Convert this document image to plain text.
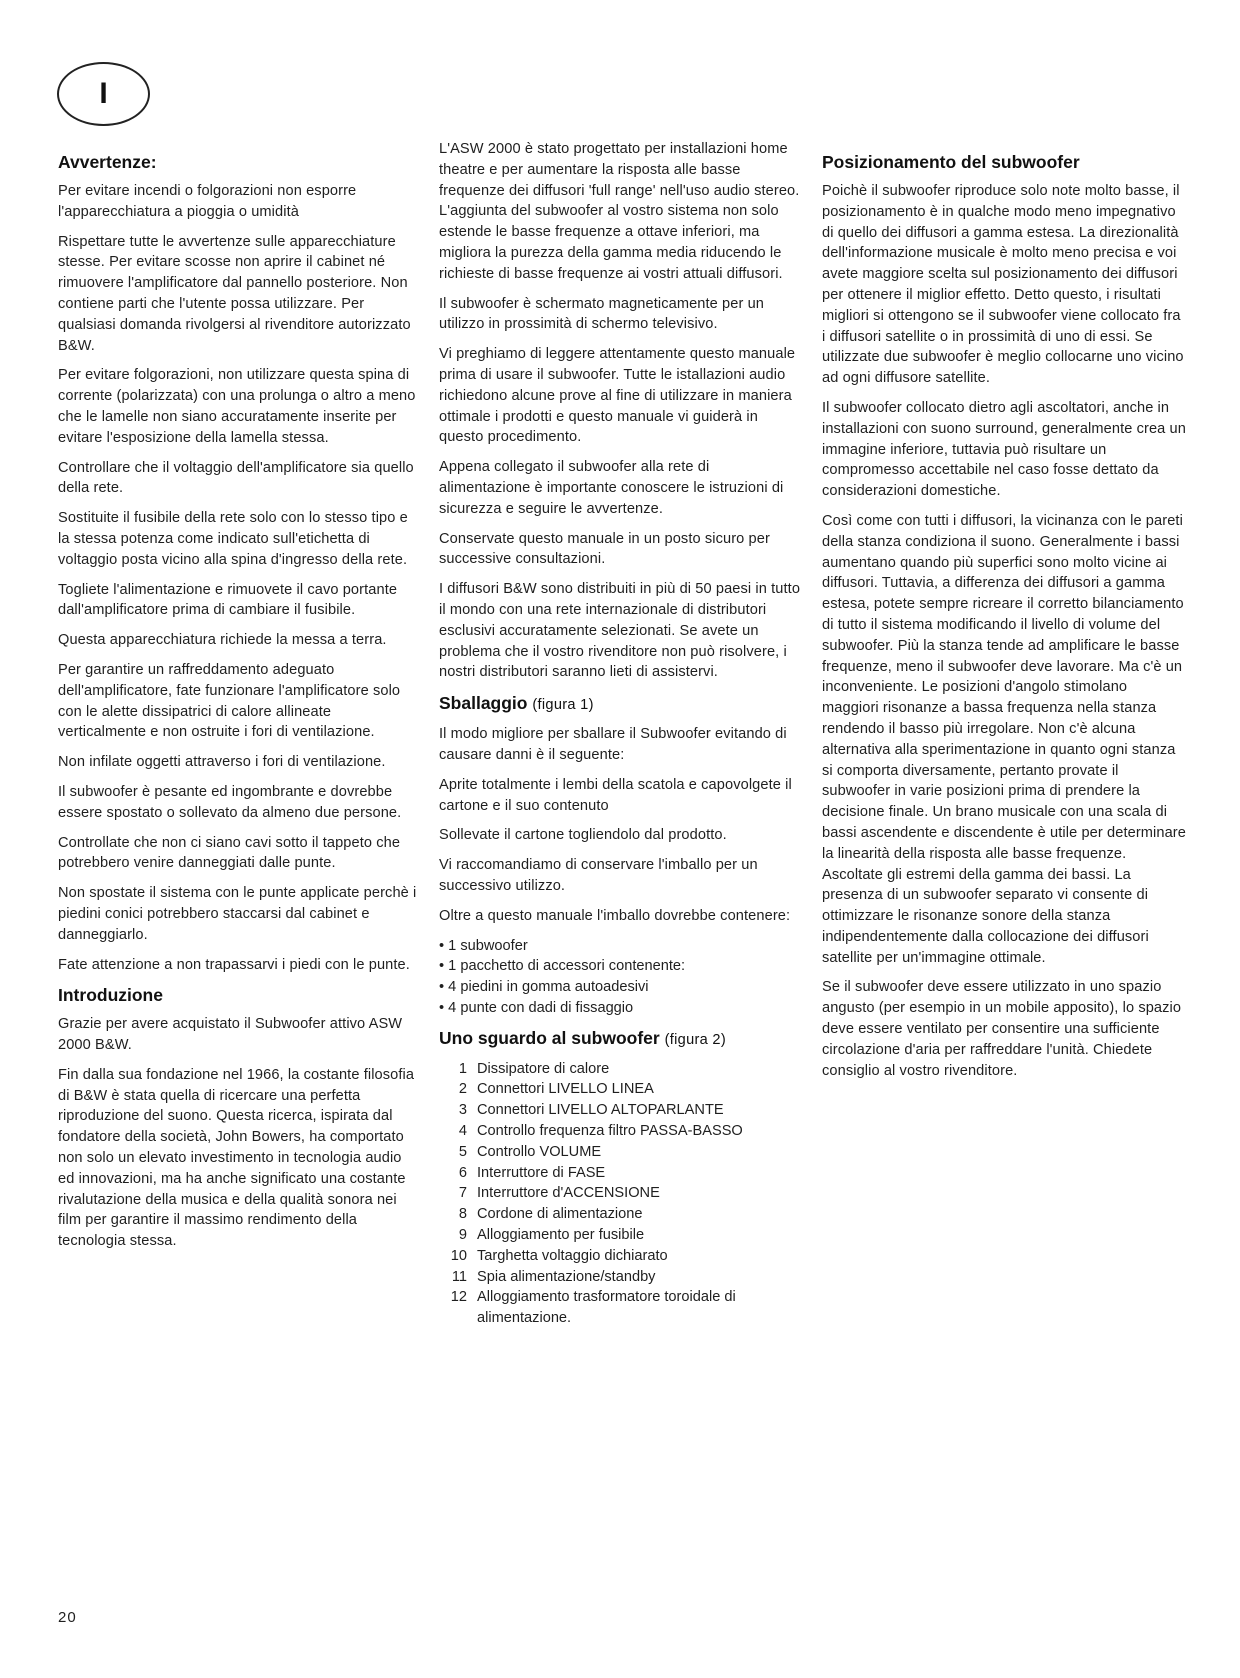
I
Avvertenze:

Per evitare incendi o folgorazioni non esporre l'apparecchiatura a pioggia o umidità

Rispettare tutte le avvertenze sulle apparecchiature stesse. Per evitare scosse non aprire il cabinet né rimuovere l'amplificatore dal pannello posteriore. Non contiene parti che l'utente possa utilizzare. Per qualsiasi domanda rivolgersi al rivenditore autorizzato B&W.

Per evitare folgorazioni, non utilizzare questa spina di corrente (polarizzata) con una prolunga o altro a meno che le lamelle non siano accuratamente inserite per evitare l'esposizione della lamella stessa.

Controllare che il voltaggio dell'amplificatore sia quello della rete.

Sostituite il fusibile della rete solo con lo stesso tipo e la stessa potenza come indicato sull'etichetta di voltaggio posta vicino alla spina d'ingresso della rete.

Togliete l'alimentazione e rimuovete il cavo portante dall'amplificatore prima di cambiare il fusibile.

Questa apparecchiatura richiede la messa a terra.

Per garantire un raffreddamento adeguato dell'amplificatore, fate funzionare l'amplificatore solo con le alette dissipatrici di calore allineate verticalmente e non ostruite i fori di ventilazione.

Non infilate oggetti attraverso i fori di ventilazione.

Il subwoofer è pesante ed ingombrante e dovrebbe essere spostato o sollevato da almeno due persone.

Controllate che non ci siano cavi sotto il tappeto che potrebbero venire danneggiati dalle punte.

Non spostate il sistema con le punte applicate perchè i piedini conici potrebbero staccarsi dal cabinet e danneggiarlo.

Fate attenzione a non trapassarvi i piedi con le punte.

Introduzione

Grazie per avere acquistato il Subwoofer attivo ASW 2000 B&W.

Fin dalla sua fondazione nel 1966, la costante filosofia di B&W è stata quella di ricercare una perfetta riproduzione del suono. Questa ricerca, ispirata dal fondatore della società, John Bowers, ha comportato non solo un elevato investimento in tecnologia audio ed innovazioni, ma ha anche significato una costante rivalutazione della musica e della qualità sonora nei film per garantire il massimo rendimento della tecnologia stessa.

L'ASW 2000 è stato progettato per installazioni home theatre e per aumentare la risposta alle basse frequenze dei diffusori 'full range' nell'uso audio stereo. L'aggiunta del subwoofer al vostro sistema non solo estende le basse frequenze a ottave inferiori, ma migliora la purezza della gamma media riducendo le richieste di basse frequenze ai vostri attuali diffusori.

Il subwoofer è schermato magneticamente per un utilizzo in prossimità di schermo televisivo.

Vi preghiamo di leggere attentamente questo manuale prima di usare il subwoofer. Tutte le istallazioni audio richiedono alcune prove al fine di utilizzare in maniera ottimale i prodotti e questo manuale vi guiderà in questo procedimento.

Appena collegato il subwoofer alla rete di alimentazione è importante conoscere le istruzioni di sicurezza e seguire le avvertenze.

Conservate questo manuale in un posto sicuro per successive consultazioni.

I diffusori B&W sono distribuiti in più di 50 paesi in tutto il mondo con una rete internazionale di distributori esclusivi accuratamente selezionati. Se avete un problema che il vostro rivenditore non può risolvere, i nostri distributori saranno lieti di assistervi.

Sballaggio (figura 1)

Il modo migliore per sballare il Subwoofer evitando di causare danni è il seguente:

Aprite totalmente i lembi della scatola e capovolgete il cartone e il suo contenuto

Sollevate il cartone togliendolo dal prodotto.

Vi raccomandiamo di conservare l'imballo per un successivo utilizzo.

Oltre a questo manuale l'imballo dovrebbe contenere:

• 1 subwoofer
• 1 pacchetto di accessori contenente:
• 4 piedini in gomma autoadesivi
• 4 punte con dadi di fissaggio
Uno sguardo al subwoofer (figura 2)
1 Dissipatore di calore
2 Connettori LIVELLO LINEA
3 Connettori LIVELLO ALTOPARLANTE
4 Controllo frequenza filtro PASSA-BASSO
5 Controllo VOLUME
6 Interruttore di FASE
7 Interruttore d'ACCENSIONE
8 Cordone di alimentazione
9 Alloggiamento per fusibile
10 Targhetta voltaggio dichiarato
11 Spia alimentazione/standby
12 Alloggiamento trasformatore toroidale di alimentazione.
Posizionamento del subwoofer

Poichè il subwoofer riproduce solo note molto basse, il posizionamento è in qualche modo meno impegnativo di quello dei diffusori a gamma estesa. La direzionalità dell'informazione musicale è molto meno precisa e voi avete maggiore scelta sul posizionamento dei diffusori per ottenere il miglior effetto. Detto questo, i risultati migliori si ottengono se il subwoofer viene collocato fra i diffusori satellite o in prossimità di uno di essi. Se utilizzate due subwoofer è meglio collocarne uno vicino ad ogni diffusore satellite.

Il subwoofer collocato dietro agli ascoltatori, anche in installazioni con suono surround, generalmente crea un immagine inferiore, tuttavia può risultare un compromesso accettabile nel caso fosse dettato da considerazioni domestiche.

Così come con tutti i diffusori, la vicinanza con le pareti della stanza condiziona il suono. Generalmente i bassi aumentano quando più superfici sono molto vicine ai diffusori. Tuttavia, a differenza dei diffusori a gamma estesa, potete sempre ricreare il corretto bilanciamento di tutto il sistema modificando il livello di volume del subwoofer. Più la stanza tende ad amplificare le basse frequenze, meno il subwoofer deve lavorare. Ma c'è un inconveniente. Le posizioni d'angolo stimolano maggiori risonanze a bassa frequenza nella stanza rendendo il basso più irregolare. Non c'è alcuna alternativa alla sperimentazione in quanto ogni stanza si comporta diversamente, pertanto provate il subwoofer in varie posizioni prima di prendere la decisione finale. Un brano musicale con una scala di bassi ascendente e discendente è utile per determinare la linearità della risposta alle basse frequenze. Ascoltate gli estremi della gamma dei bassi. La presenza di un subwoofer separato vi consente di ottimizzare le risonanze sonore della stanza indipendentemente dalla collocazione dei diffusori satellite per un'immagine ottimale.

Se il subwoofer deve essere utilizzato in uno spazio angusto (per esempio in un mobile apposito), lo spazio deve essere ventilato per consentire una sufficiente circolazione d'aria per raffreddare l'unità. Chiedete consiglio al vostro rivenditore.

20
